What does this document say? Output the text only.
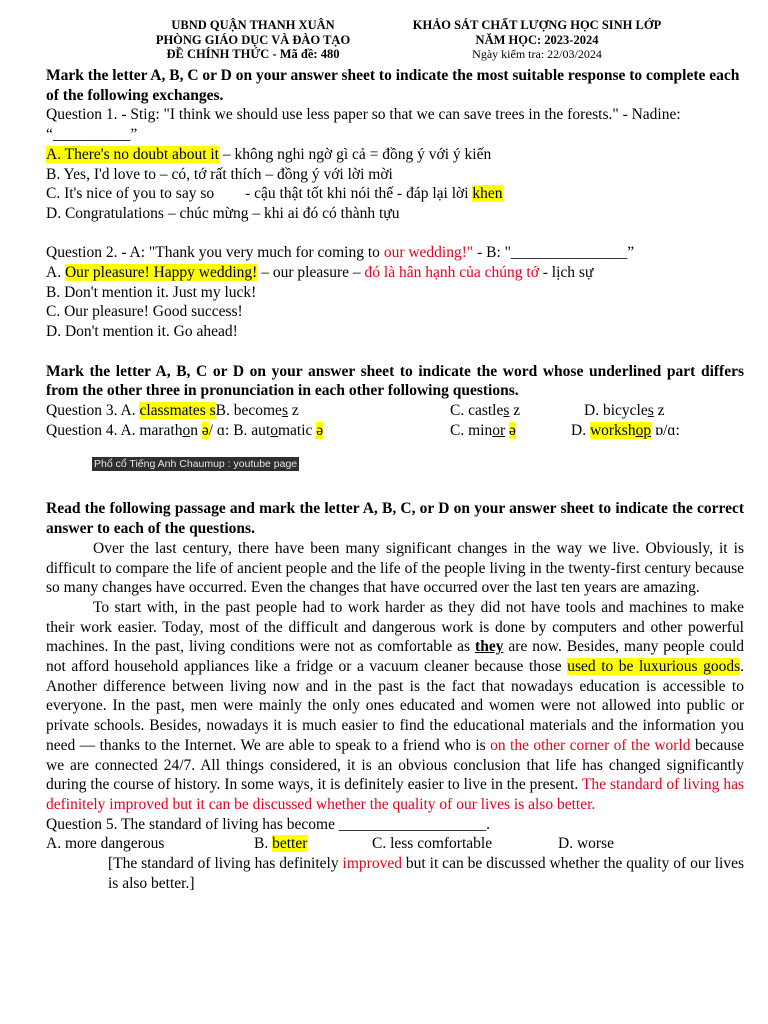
UBND QUẬN THANH XUÂN
PHÒNG GIÁO DỤC VÀ ĐÀO TẠO
ĐỀ CHÍNH THỨC - Mã đề: 480
KHẢO SÁT CHẤT LƯỢNG HỌC SINH LỚP
NĂM HỌC: 2023-2024
Ngày kiểm tra: 22/03/2024

Mark the letter A, B, C or D on your answer sheet to indicate the most suitable response to complete each of the following exchanges.

Question 1. - Stig: "I think we should use less paper so that we can save trees in the forests." - Nadine: “__________”

A. There's no doubt about it – không nghi ngờ gì cả = đồng ý với ý kiến

B. Yes, I'd love to – có, tớ rất thích – đồng ý với lời mời

C. It's nice of you to say so        - cậu thật tốt khi nói thế - đáp lại lời khen

D. Congratulations – chúc mừng – khi ai đó có thành tựu

Question 2. - A: "Thank you very much for coming to our wedding!" - B: "_______________”

A. Our pleasure! Happy wedding! – our pleasure – đó là hân hạnh của chúng tớ - lịch sự

B. Don't mention it. Just my luck!

C. Our pleasure! Good success!

D. Don't mention it. Go ahead!

Mark the letter A, B, C or D on your answer sheet to indicate the word whose underlined part differs from the other three in pronunciation in each other following questions.

Question 3. A. classmates sB. becomes z	C. castles z	D. bicycles z
Question 4. A. marathon ə/ ɑ: B. automatic ə	C. minor ə	D. workshop ɒ/ɑ:

Read the following passage and mark the letter A, B, C, or D on your answer sheet to indicate the correct answer to each of the questions.

Over the last century, there have been many significant changes in the way we live. Obviously, it is difficult to compare the life of ancient people and the life of the people living in the twenty-first century because so many changes have occurred. Even the changes that have occurred over the last ten years are amazing.

To start with, in the past people had to work harder as they did not have tools and machines to make their work easier. Today, most of the difficult and dangerous work is done by computers and other powerful machines. In the past, living conditions were not as comfortable as they are now. Besides, many people could not afford household appliances like a fridge or a vacuum cleaner because those used to be luxurious goods. Another difference between living now and in the past is the fact that nowadays education is accessible to everyone. In the past, men were mainly the only ones educated and women were not allowed into public or private schools. Besides, nowadays it is much easier to find the educational materials and the information you need — thanks to the Internet. We are able to speak to a friend who is on the other corner of the world because we are connected 24/7. All things considered, it is an obvious conclusion that life has changed significantly during the course of history. In some ways, it is definitely easier to live in the present. The standard of living has definitely improved but it can be discussed whether the quality of our lives is also better.

Question 5. The standard of living has become ___________________.

A. more dangerous	B. better	C. less comfortable	D. worse

[The standard of living has definitely improved but it can be discussed whether the quality of our lives is also better.]

Phổ cổ Tiếng Anh Chaumup : youtube page
